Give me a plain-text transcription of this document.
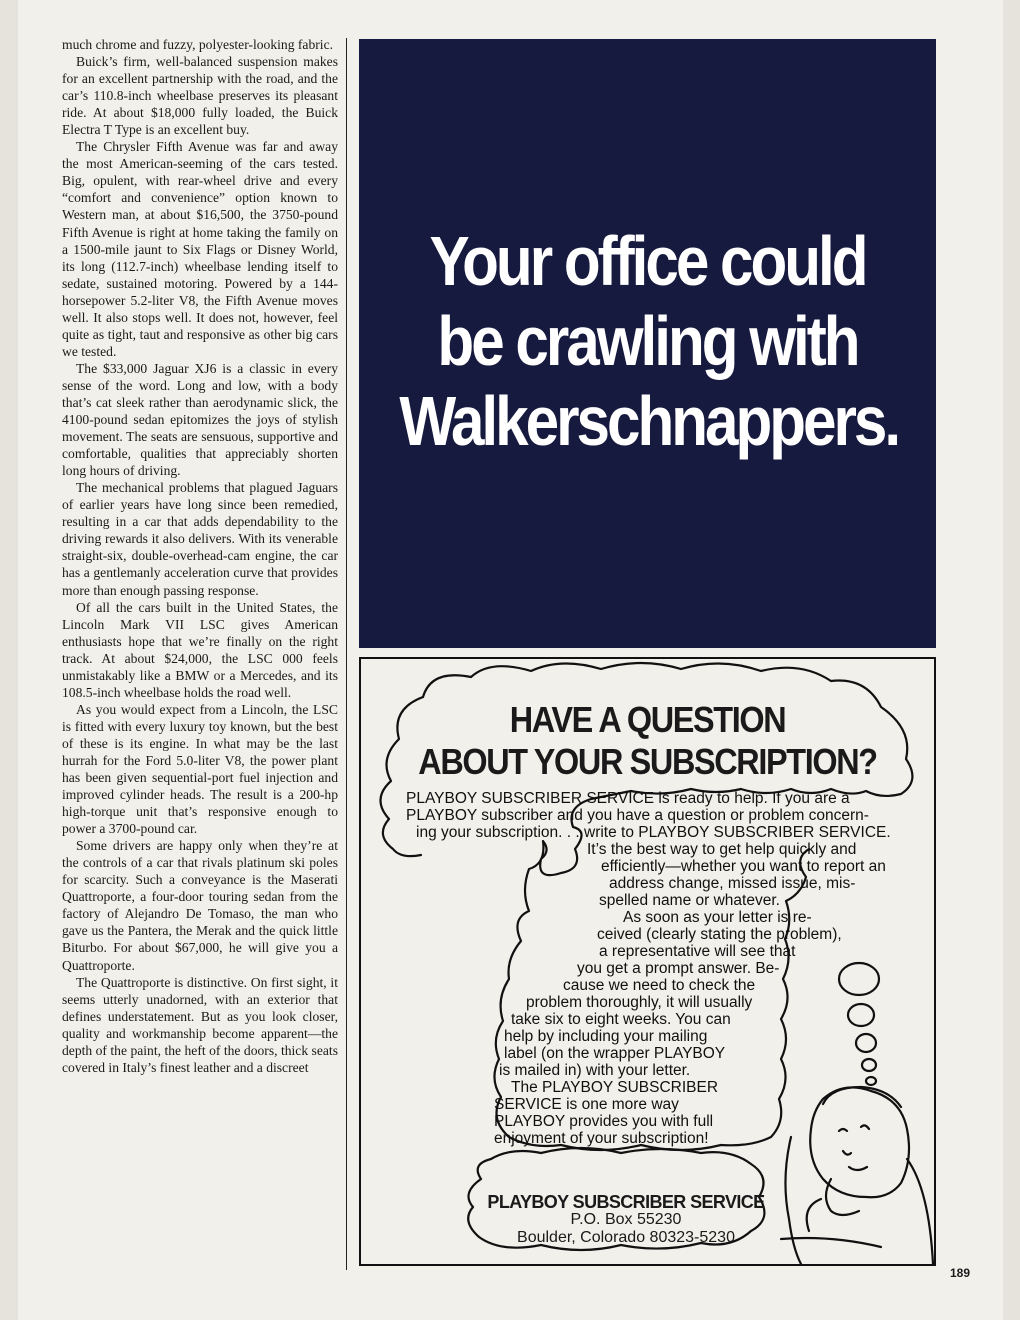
much chrome and fuzzy, polyester-looking fabric.

Buick’s firm, well-balanced suspension makes for an excellent partnership with the road, and the car’s 110.8-inch wheelbase preserves its pleasant ride. At about $18,000 fully loaded, the Buick Electra T Type is an excellent buy.

The Chrysler Fifth Avenue was far and away the most American-seeming of the cars tested. Big, opulent, with rear-wheel drive and every “comfort and convenience” option known to Western man, at about $16,500, the 3750-pound Fifth Avenue is right at home taking the family on a 1500-mile jaunt to Six Flags or Disney World, its long (112.7-inch) wheelbase lending itself to sedate, sustained motoring. Powered by a 144-horsepower 5.2-liter V8, the Fifth Avenue moves well. It also stops well. It does not, however, feel quite as tight, taut and responsive as other big cars we tested.

The $33,000 Jaguar XJ6 is a classic in every sense of the word. Long and low, with a body that’s cat sleek rather than aerodynamic slick, the 4100-pound sedan epitomizes the joys of stylish movement. The seats are sensuous, supportive and comfortable, qualities that appreciably shorten long hours of driving.

The mechanical problems that plagued Jaguars of earlier years have long since been remedied, resulting in a car that adds dependability to the driving rewards it also delivers. With its venerable straight-six, double-overhead-cam engine, the car has a gentlemanly acceleration curve that provides more than enough passing response.

Of all the cars built in the United States, the Lincoln Mark VII LSC gives American enthusiasts hope that we’re finally on the right track. At about $24,000, the LSC 000 feels unmistakably like a BMW or a Mercedes, and its 108.5-inch wheelbase holds the road well.

As you would expect from a Lincoln, the LSC is fitted with every luxury toy known, but the best of these is its engine. In what may be the last hurrah for the Ford 5.0-liter V8, the power plant has been given sequential-port fuel injection and improved cylinder heads. The result is a 200-hp high-torque unit that’s responsive enough to power a 3700-pound car.

Some drivers are happy only when they’re at the controls of a car that rivals platinum ski poles for scarcity. Such a conveyance is the Maserati Quattroporte, a four-door touring sedan from the factory of Alejandro De Tomaso, the man who gave us the Pantera, the Merak and the quick little Biturbo. For about $67,000, he will give you a Quattroporte.

The Quattroporte is distinctive. On first sight, it seems utterly unadorned, with an exterior that defines understatement. But as you look closer, quality and workmanship become apparent—the depth of the paint, the heft of the doors, thick seats covered in Italy’s finest leather and a discreet

Your office could
be crawling with
Walkerschnappers.
HAVE A QUESTION
ABOUT YOUR SUBSCRIPTION?
PLAYBOY SUBSCRIBER SERVICE is ready to help. If you are a
PLAYBOY subscriber and you have a question or problem concern-
ing your subscription. . . write to PLAYBOY SUBSCRIBER SERVICE.
It’s the best way to get help quickly and
efficiently—whether you want to report an
address change, missed issue, mis-
spelled name or whatever.
As soon as your letter is re-
ceived (clearly stating the problem),
a representative will see that
you get a prompt answer. Be-
cause we need to check the
problem thoroughly, it will usually
take six to eight weeks. You can
help by including your mailing
label (on the wrapper PLAYBOY
is mailed in) with your letter.
The PLAYBOY SUBSCRIBER
SERVICE is one more way
PLAYBOY provides you with full
enjoyment of your subscription!
PLAYBOY SUBSCRIBER SERVICE
P.O. Box 55230
Boulder, Colorado 80323-5230
189
